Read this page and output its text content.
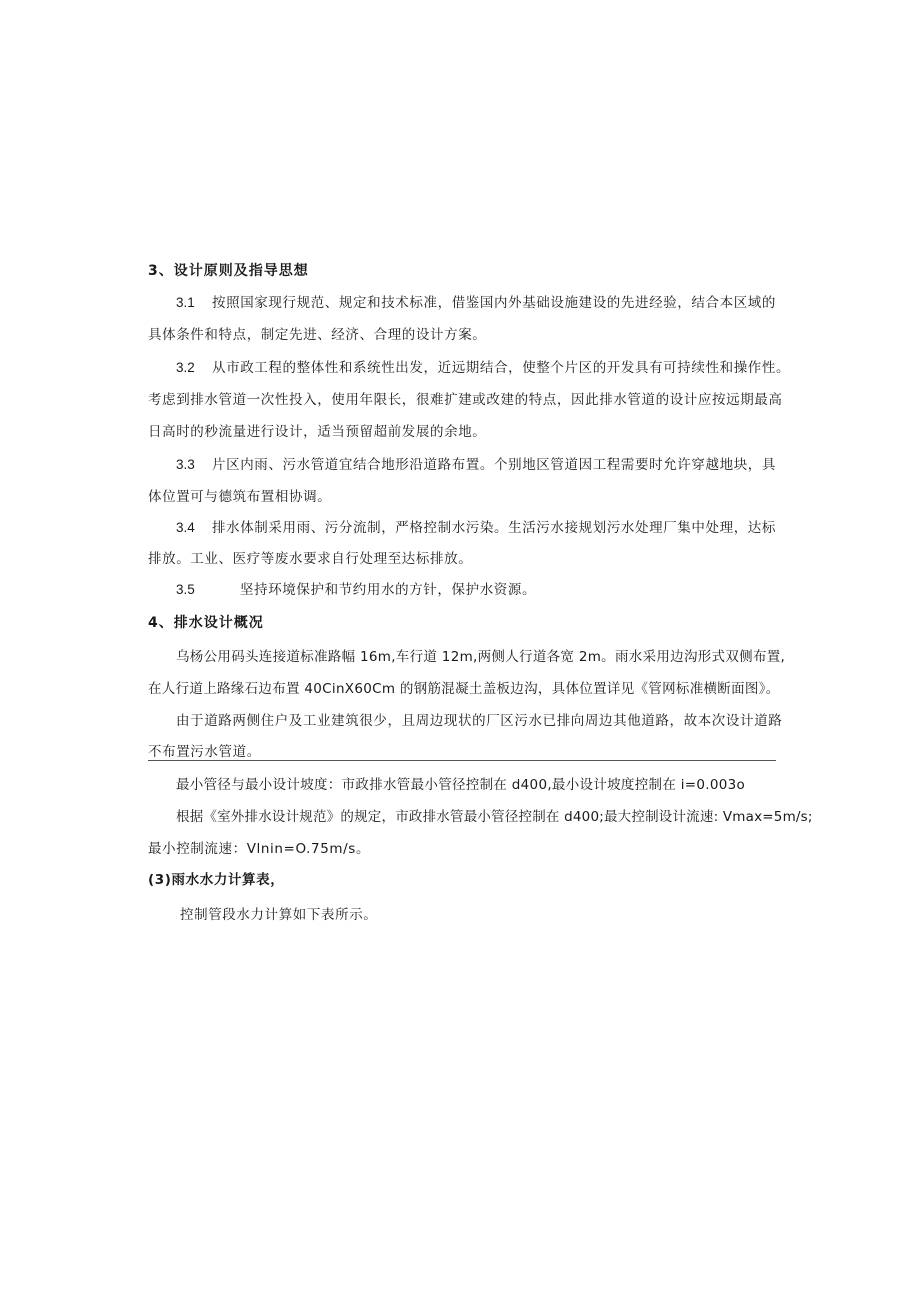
3、设计原则及指导思想
3.1 按照国家现行规范、规定和技术标准，借鉴国内外基础设施建设的先进经验，结合本区域的
具体条件和特点，制定先进、经济、合理的设计方案。
3.2 从市政工程的整体性和系统性出发，近远期结合，使整个片区的开发具有可持续性和操作性。
考虑到排水管道一次性投入，使用年限长，很难扩建或改建的特点，因此排水管道的设计应按远期最高
日高时的秒流量进行设计，适当预留超前发展的余地。
3.3 片区内雨、污水管道宜结合地形沿道路布置。个别地区管道因工程需要时允许穿越地块，具
体位置可与德筑布置相协调。
3.4 排水体制采用雨、污分流制，严格控制水污染。生活污水接规划污水处理厂集中处理，达标
排放。工业、医疗等废水要求自行处理至达标排放。
3.5	坚持环境保护和节约用水的方针，保护水资源。
4、排水设计概况
乌杨公用码头连接道标准路幅 16m,车行道 12m,两侧人行道各宽 2m。雨水采用边沟形式双侧布置,
在人行道上路缘石边布置 40CinX60Cm 的钢筋混凝土盖板边沟，具体位置详见《管网标准横断面图》。
由于道路两侧住户及工业建筑很少，且周边现状的厂区污水已排向周边其他道路，故本次设计道路
不布置污水管道。
最小管径与最小设计坡度：市政排水管最小管径控制在 d400,最小设计坡度控制在 i=0.003o
根据《室外排水设计规范》的规定，市政排水管最小管径控制在 d400;最大控制设计流速: Vmax=5m/s;
最小控制流速：Vlnin=O.75m/s。
(3)雨水水力计算表，
控制管段水力计算如下表所示。
